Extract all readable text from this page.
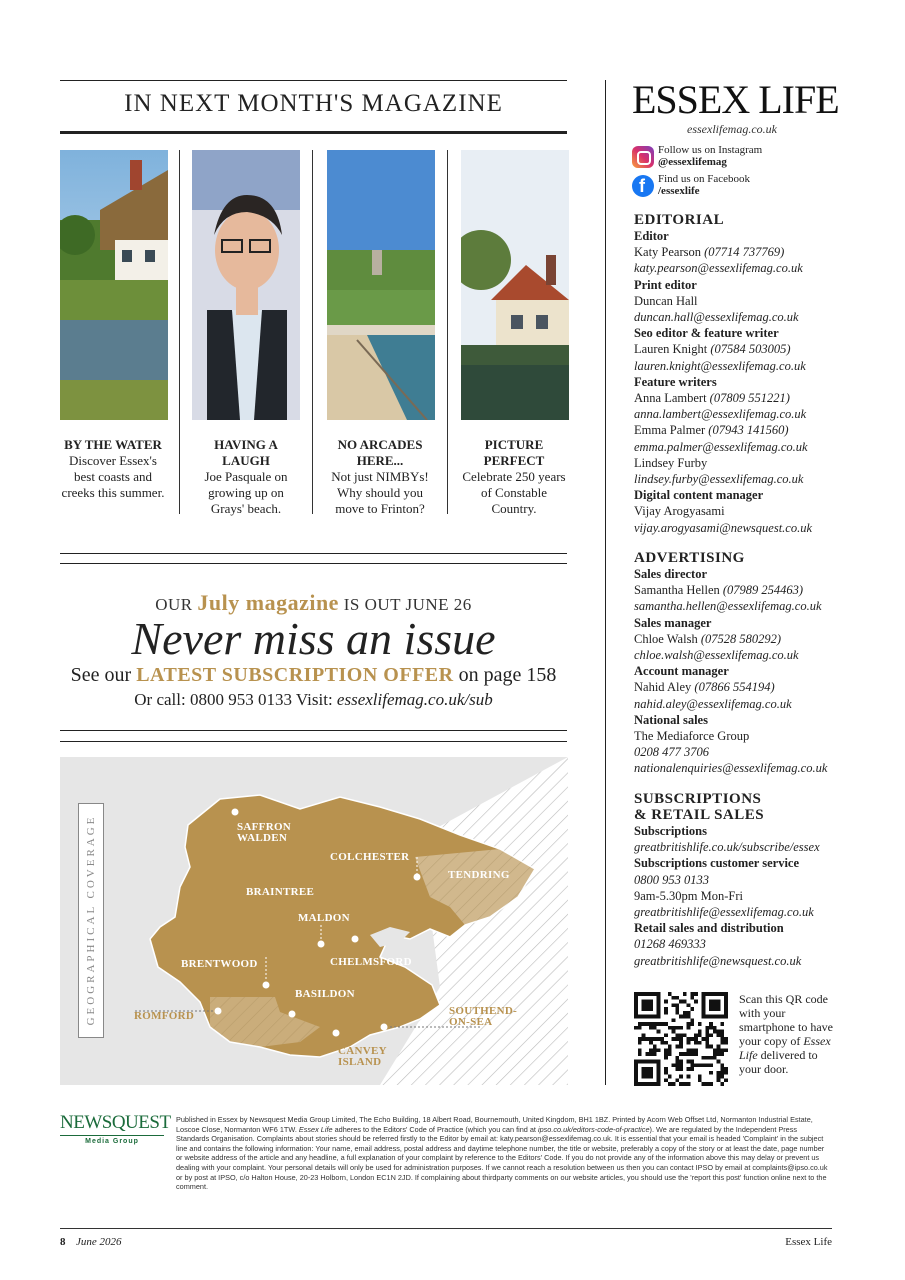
IN NEXT MONTH'S MAGAZINE
BY THE WATER
Discover Essex's best coasts and creeks this summer.
HAVING A LAUGH
Joe Pasquale on growing up on Grays' beach.
NO ARCADES HERE...
Not just NIMBYs! Why should you move to Frinton?
PICTURE PERFECT
Celebrate 250 years of Constable Country.
OUR July magazine IS OUT JUNE 26
Never miss an issue
See our LATEST SUBSCRIPTION OFFER on page 158
Or call: 0800 953 0133 Visit: essexlifemag.co.uk/sub
GEOGRAPHICAL COVERAGE	SAFFRON
WALDEN
COLCHESTER
BRAINTREE
TENDRING
MALDON
BRENTWOOD	CHELMSFORD
BASILDON
ROMFORD	SOUTHEND-
ON-SEA
CANVEY
ISLAND
ESSEX LIFE
essexlifemag.co.uk
Follow us on Instagram
@essexlifemag
f Find us on Facebook
/essexlife
EDITORIAL
Editor
Katy Pearson (07714 737769)
katy.pearson@essexlifemag.co.uk
Print editor
Duncan Hall
duncan.hall@essexlifemag.co.uk
Seo editor & feature writer
Lauren Knight (07584 503005)
lauren.knight@essexlifemag.co.uk
Feature writers
Anna Lambert (07809 551221)
anna.lambert@essexlifemag.co.uk
Emma Palmer (07943 141560)
emma.palmer@essexlifemag.co.uk
Lindsey Furby
lindsey.furby@essexlifemag.co.uk
Digital content manager
Vijay Arogyasami
vijay.arogyasami@newsquest.co.uk
ADVERTISING
Sales director
Samantha Hellen (07989 254463)
samantha.hellen@essexlifemag.co.uk
Sales manager
Chloe Walsh (07528 580292)
chloe.walsh@essexlifemag.co.uk
Account manager
Nahid Aley (07866 554194)
nahid.aley@essexlifemag.co.uk
National sales
The Mediaforce Group
0208 477 3706
nationalenquiries@essexlifemag.co.uk
SUBSCRIPTIONS
& RETAIL SALES
Subscriptions
greatbritishlife.co.uk/subscribe/essex
Subscriptions customer service
0800 953 0133
9am-5.30pm Mon-Fri
greatbritishlife@essexlifemag.co.uk
Retail sales and distribution
01268 469333
greatbritishlife@newsquest.co.uk
Scan this QR code with your smartphone to have your copy of Essex Life delivered to your door.
NEWSQUEST
Media Group
Published in Essex by Newsquest Media Group Limited, The Echo Building, 18 Albert Road, Bournemouth, United Kingdom, BH1 1BZ. Printed by Acorn Web Offset Ltd, Normanton Industrial Estate, Loscoe Close, Normanton WF6 1TW. Essex Life adheres to the Editors' Code of Practice (which you can find at ipso.co.uk/editors-code-of-practice). We are regulated by the Independent Press Standards Organisation. Complaints about stories should be referred firstly to the Editor by email at: katy.pearson@essexlifemag.co.uk. It is essential that your email is headed 'Complaint' in the subject line and contains the following information: Your name, email address, postal address and daytime telephone number, the title or website, preferably a copy of the story or at least the date, page number or website address of the article and any headline, a full explanation of your complaint by reference to the Editors' Code. If you do not provide any of the information above this may delay or prevent us dealing with your complaint. Your personal details will only be used for administration purposes. If we cannot reach a resolution between us then you can contact IPSO by email at complaints@ipso.co.uk or by post at IPSO, c/o Halton House, 20-23 Holborn, London EC1N 2JD. If complaining about thirdparty comments on our website articles, you should use the 'report this post' function online next to the comment.
8 June 2026	Essex Life
